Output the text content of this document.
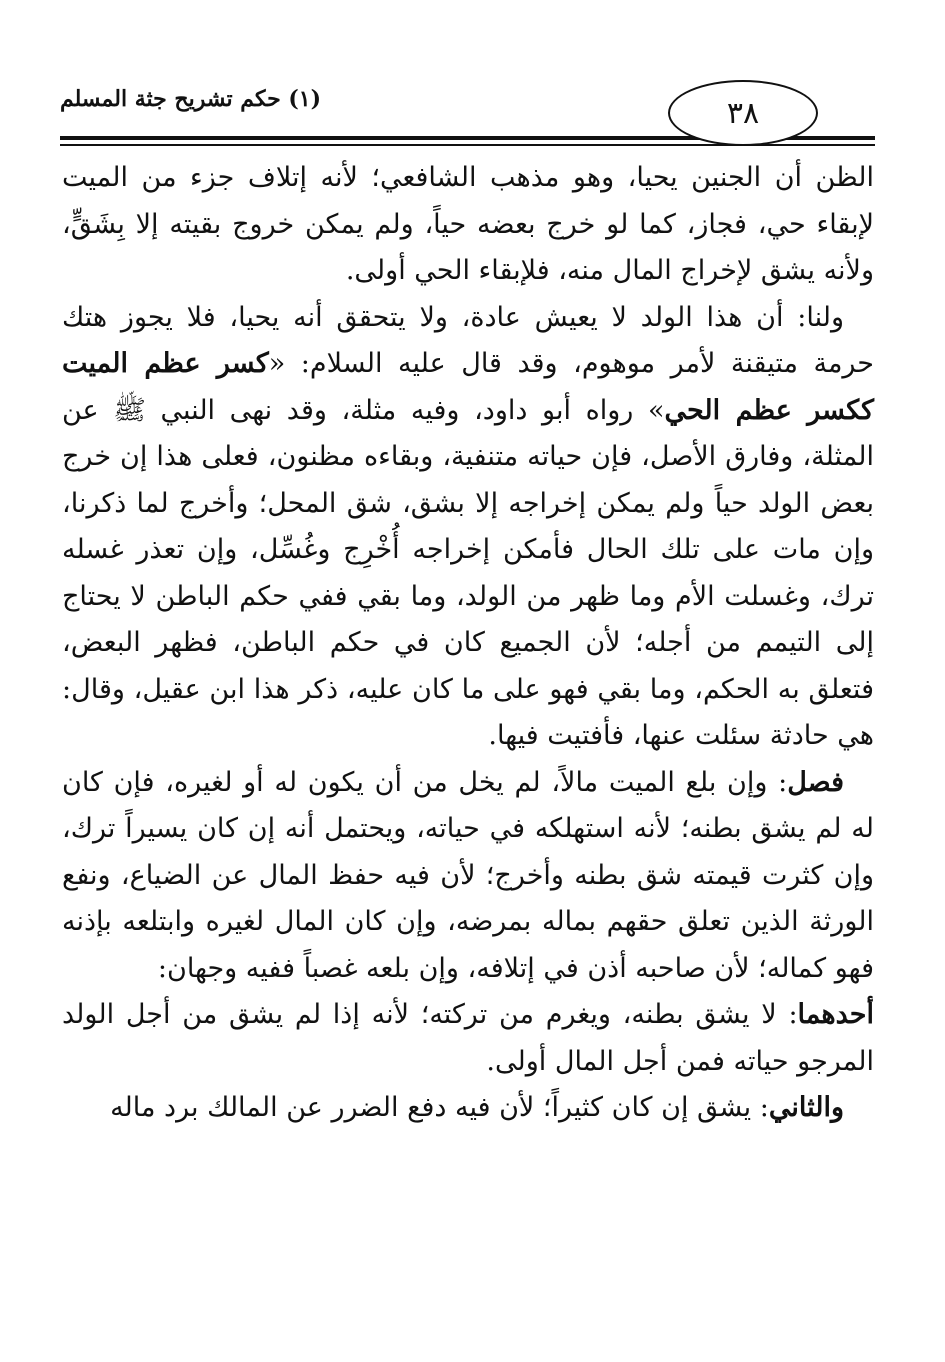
(١) حكم تشريح جثة المسلم	٣٨

الظن أن الجنين يحيا، وهو مذهب الشافعي؛ لأنه إتلاف جزء من الميت لإبقاء حي، فجاز، كما لو خرج بعضه حياً، ولم يمكن خروج بقيته إلا بِشَقٍّ، ولأنه يشق لإخراج المال منه، فلإبقاء الحي أولى.

ولنا: أن هذا الولد لا يعيش عادة، ولا يتحقق أنه يحيا، فلا يجوز هتك حرمة متيقنة لأمر موهوم، وقد قال عليه السلام: «كسر عظم الميت ككسر عظم الحي» رواه أبو داود، وفيه مثلة، وقد نهى النبي ﷺ عن المثلة، وفارق الأصل، فإن حياته متنفية، وبقاءه مظنون، فعلى هذا إن خرج بعض الولد حياً ولم يمكن إخراجه إلا بشق، شق المحل؛ وأخرج لما ذكرنا، وإن مات على تلك الحال فأمكن إخراجه أُخْرِج وغُسِّل، وإن تعذر غسله ترك، وغسلت الأم وما ظهر من الولد، وما بقي ففي حكم الباطن لا يحتاج إلى التيمم من أجله؛ لأن الجميع كان في حكم الباطن، فظهر البعض، فتعلق به الحكم، وما بقي فهو على ما كان عليه، ذكر هذا ابن عقيل، وقال: هي حادثة سئلت عنها، فأفتيت فيها.

فصل: وإن بلع الميت مالاً، لم يخل من أن يكون له أو لغيره، فإن كان له لم يشق بطنه؛ لأنه استهلكه في حياته، ويحتمل أنه إن كان يسيراً ترك، وإن كثرت قيمته شق بطنه وأخرج؛ لأن فيه حفظ المال عن الضياع، ونفع الورثة الذين تعلق حقهم بماله بمرضه، وإن كان المال لغيره وابتلعه بإذنه فهو كماله؛ لأن صاحبه أذن في إتلافه، وإن بلعه غصباً ففيه وجهان:

أحدهما: لا يشق بطنه، ويغرم من تركته؛ لأنه إذا لم يشق من أجل الولد المرجو حياته فمن أجل المال أولى.

والثاني: يشق إن كان كثيراً؛ لأن فيه دفع الضرر عن المالك برد ماله
